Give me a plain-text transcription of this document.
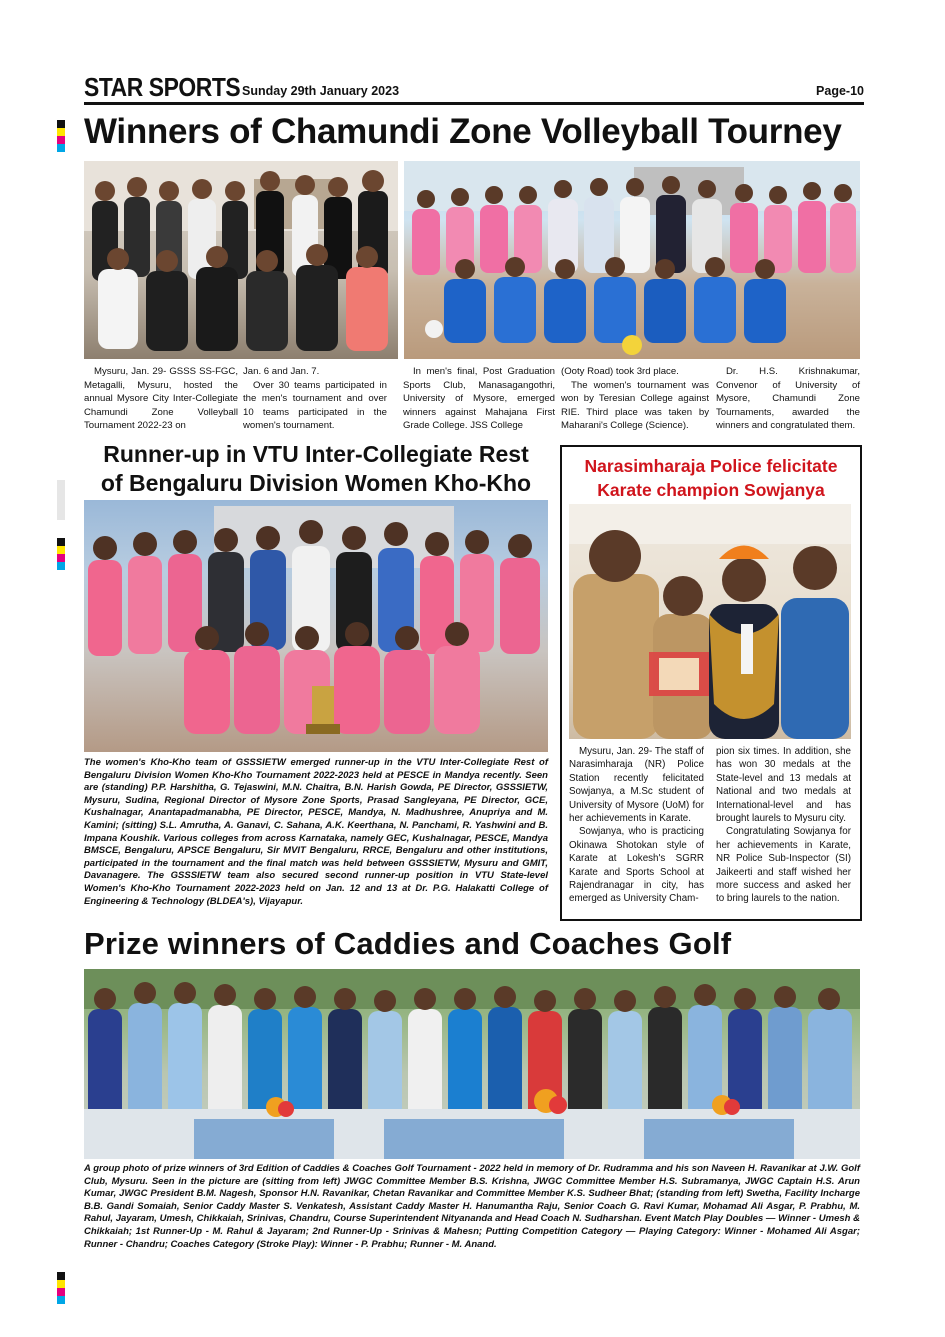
STAR SPORTS Sunday 29th January 2023	Page-10
Winners of Chamundi Zone Volleyball Tourney

Mysuru, Jan. 29- GSSS SS-FGC, Metagalli, Mysuru, hosted the annual Mysore City Inter-Collegiate Chamundi Zone Volleyball Tournament 2022-23 on

Jan. 6 and Jan. 7.

Over 30 teams participated in the men's tournament and over 10 teams participated in the women's tournament.

In men's final, Post Graduation Sports Club, Manasagangothri, University of Mysore, emerged winners against Mahajana First Grade College. JSS College

(Ooty Road) took 3rd place.

The women's tournament was won by Teresian College against RIE. Third place was taken by Maharani's College (Science).

Dr. H.S. Krishnakumar, Convenor of University of Mysore, Chamundi Zone Tournaments, awarded the winners and congratulated them.

Runner-up in VTU Inter-Collegiate Rest
of Bengaluru Division Women Kho-Kho
The women's Kho-Kho team of GSSSIETW emerged runner-up in the VTU Inter-Collegiate Rest of Bengaluru Division Women Kho-Kho Tournament 2022-2023 held at PESCE in Mandya recently. Seen are (standing) P.P. Harshitha, G. Tejaswini, M.N. Chaitra, B.N. Harish Gowda, PE Director, GSSSIETW, Mysuru, Sudina, Regional Director of Mysore Zone Sports, Prasad Sangleyana, PE Director, GCE, Kushalnagar, Anantapadmanabha, PE Director, PESCE, Mandya, N. Madhushree, Anupriya and M. Kamini; (sitting) S.L. Amrutha, A. Ganavi, C. Sahana, A.K. Keerthana, N. Panchami, R. Yashwini and B. Impana Koushik. Various colleges from across Karnataka, namely GEC, Kushalnagar, PESCE, Mandya BMSCE, Bengaluru, APSCE Bengaluru, Sir MVIT Bengaluru, RRCE, Bengaluru and other institutions, participated in the tournament and the final match was held between GSSSIETW, Mysuru and GMIT, Davanagere. The GSSSIETW team also secured second runner-up position in VTU State-level Women's Kho-Kho Tournament 2022-2023 held on Jan. 12 and 13 at Dr. P.G. Halakatti College of Engineering & Technology (BLDEA's), Vijayapur.
Narasimharaja Police felicitate
Karate champion Sowjanya

Mysuru, Jan. 29- The staff of Narasimharaja (NR) Police Station recently felicitated Sowjanya, a M.Sc student of University of Mysore (UoM) for her achievements in Karate.

Sowjanya, who is practicing Okinawa Shotokan style of Karate at Lokesh's SGRR Karate and Sports School at Rajendranagar in city, has emerged as University Cham-

pion six times. In addition, she has won 30 medals at the State-level and 13 medals at National and two medals at International-level and has brought laurels to Mysuru city.

Congratulating Sowjanya for her achievements in Karate, NR Police Sub-Inspector (SI) Jaikeerti and staff wished her more success and asked her to bring laurels to the nation.

Prize winners of Caddies and Coaches Golf
A group photo of prize winners of 3rd Edition of Caddies & Coaches Golf Tournament - 2022 held in memory of Dr. Rudramma and his son Naveen H. Ravanikar at J.W. Golf Club, Mysuru. Seen in the picture are (sitting from left) JWGC Committee Member B.S. Krishna, JWGC Committee Member H.S. Subramanya, JWGC Captain H.S. Arun Kumar, JWGC President B.M. Nagesh, Sponsor H.N. Ravanikar, Chetan Ravanikar and Committee Member K.S. Sudheer Bhat; (standing from left) Swetha, Facility Incharge B.B. Gandi Somaiah, Senior Caddy Master S. Venkatesh, Assistant Caddy Master H. Hanumantha Raju, Senior Coach G. Ravi Kumar, Mohamad Ali Asgar, P. Prabhu, M. Rahul, Jayaram, Umesh, Chikkaiah, Srinivas, Chandru, Course Superintendent Nityananda and Head Coach N. Sudharshan. Event Match Play Doubles — Winner - Umesh & Chikkaiah; 1st Runner-Up - M. Rahul & Jayaram; 2nd Runner-Up - Srinivas & Mahesn; Putting Competition Category — Playing Category: Winner - Mohamed Ali Asgar; Runner - Chandru; Coaches Category (Stroke Play): Winner - P. Prabhu; Runner - M. Anand.
